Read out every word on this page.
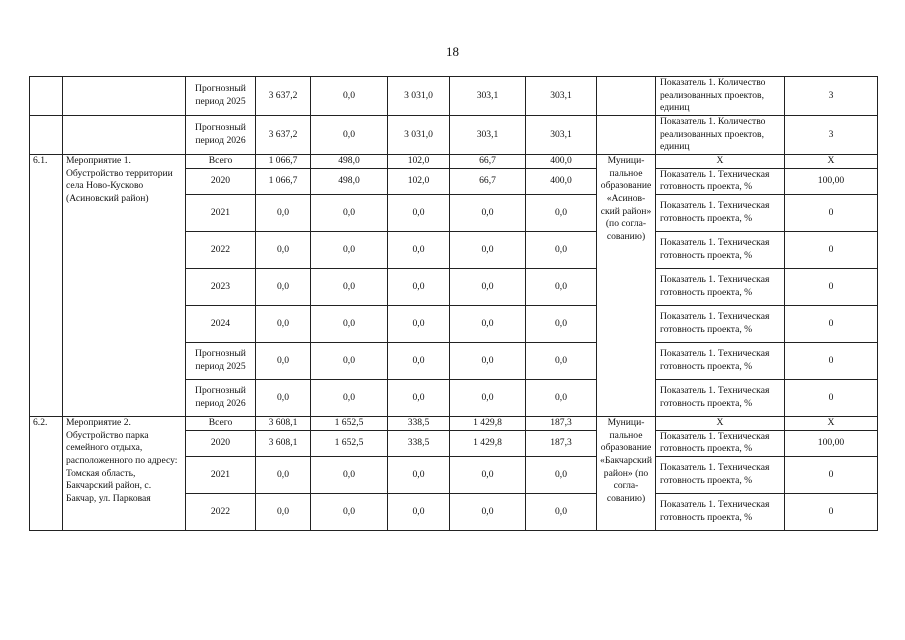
18
		Прогнозный период 2025	3 637,2	0,0	3 031,0	303,1	303,1		Показатель 1. Количество реализованных проектов, единиц	3
		Прогнозный период 2026	3 637,2	0,0	3 031,0	303,1	303,1		Показатель 1. Количество реализованных проектов, единиц	3
6.1.	Мероприятие 1. Обустройство территории села Ново-Кусково (Асиновский район)	Всего	1 066,7	498,0	102,0	66,7	400,0	Муници-пальное образование «Асинов-ский район» (по согла-сованию)	Х	Х
		2020	1 066,7	498,0	102,0	66,7	400,0		Показатель 1. Техническая готовность проекта, %	100,00
		2021	0,0	0,0	0,0	0,0	0,0		Показатель 1. Техническая готовность проекта, %	0
		2022	0,0	0,0	0,0	0,0	0,0		Показатель 1. Техническая готовность проекта, %	0
		2023	0,0	0,0	0,0	0,0	0,0		Показатель 1. Техническая готовность проекта, %	0
		2024	0,0	0,0	0,0	0,0	0,0		Показатель 1. Техническая готовность проекта, %	0
		Прогнозный период 2025	0,0	0,0	0,0	0,0	0,0		Показатель 1. Техническая готовность проекта, %	0
		Прогнозный период 2026	0,0	0,0	0,0	0,0	0,0		Показатель 1. Техническая готовность проекта, %	0
6.2.	Мероприятие 2. Обустройство парка семейного отдыха, расположенного по адресу: Томская область, Бакчарский район, с. Бакчар, ул. Парковая	Всего	3 608,1	1 652,5	338,5	1 429,8	187,3	Муници-пальное образование «Бакчарский район» (по согла-сованию)	Х	Х
		2020	3 608,1	1 652,5	338,5	1 429,8	187,3		Показатель 1. Техническая готовность проекта, %	100,00
		2021	0,0	0,0	0,0	0,0	0,0		Показатель 1. Техническая готовность проекта, %	0
		2022	0,0	0,0	0,0	0,0	0,0		Показатель 1. Техническая готовность проекта, %	0
